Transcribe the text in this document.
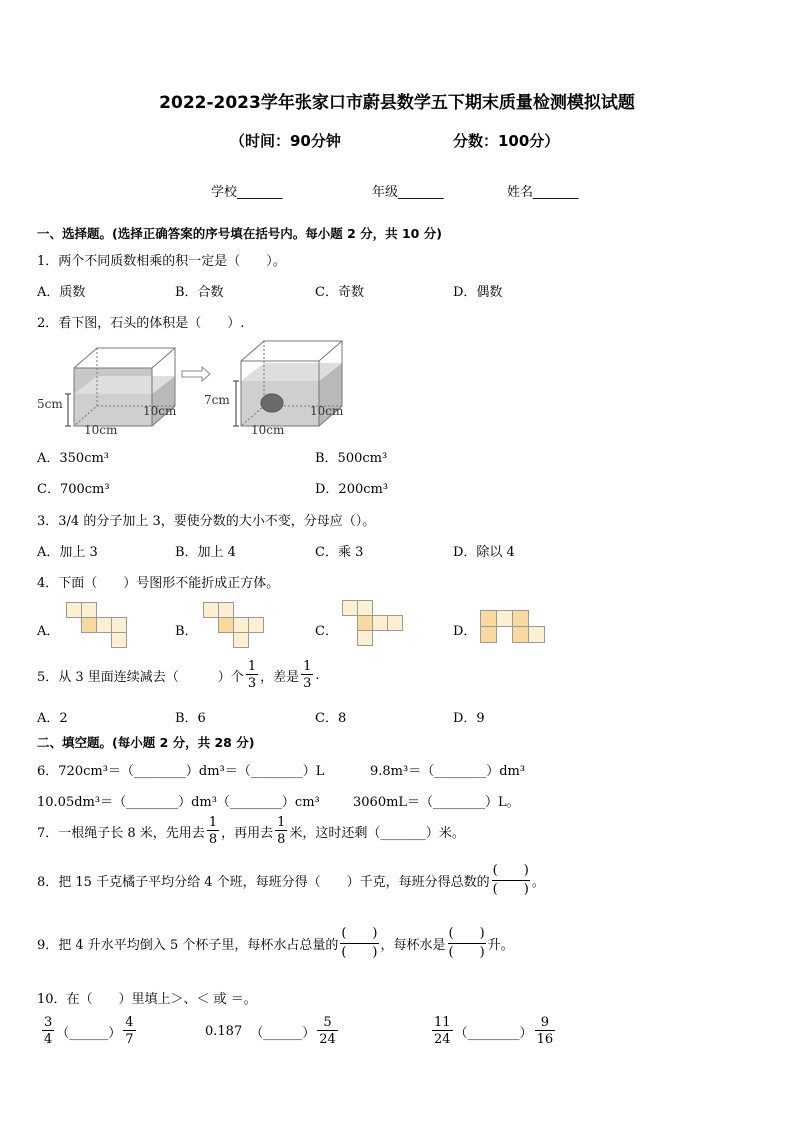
2022-2023学年张家口市蔚县数学五下期末质量检测模拟试题
（时间：90分钟	分数：100分）
学校_______	年级_______	姓名_______
一、选择题。(选择正确答案的序号填在括号内。每小题 2 分，共 10 分)
1．两个不同质数相乘的积一定是（　　）。
A．质数	B．合数	C．奇数	D．偶数
2．看下图，石头的体积是（　　）.
5cm	10cm
10cm
7cm
10cm
10cm
A．350cm³	B．500cm³
C．700cm³	D．200cm³
3．3/4 的分子加上 3，要使分数的大小不变，分母应（）。
A．加上 3	B．加上 4	C．乘 3	D．除以 4
4．下面（　　）号图形不能折成正方体。
A．	B．	C．	D．
5．从 3 里面连续减去（　　　）个 $\frac{1}{3}$ ，差是 $\frac{1}{3}$ .
A．2	B．6	C．8	D．9
二、填空题。(每小题 2 分，共 28 分)
6．720cm³＝（________）dm³＝（________）L	9.8m³＝（________）dm³
10.05dm³＝（________）dm³（________）cm³	3060mL＝（________）L。
7．一根绳子长 8 米，先用去 $\frac{1}{8}$ ，再用去 $\frac{1}{8}$ 米，这时还剩（_______）米。
8．把 15 千克橘子平均分给 4 个班，每班分得（　　）千克，每班分得总数的
(　　)
(　　) 。
9．把 4 升水平均倒入 5 个杯子里，每杯水占总量的
(　　)
(　　) ，每杯水是
(　　)
(　　) 升。
10．在（　　）里填上＞、＜ 或 ＝。
$\frac{3}{4}$ （______） $\frac{4}{7}$	0.187 （______） $\frac{5}{24}$	$\frac{11}{24}$ （________） $\frac{9}{16}$
